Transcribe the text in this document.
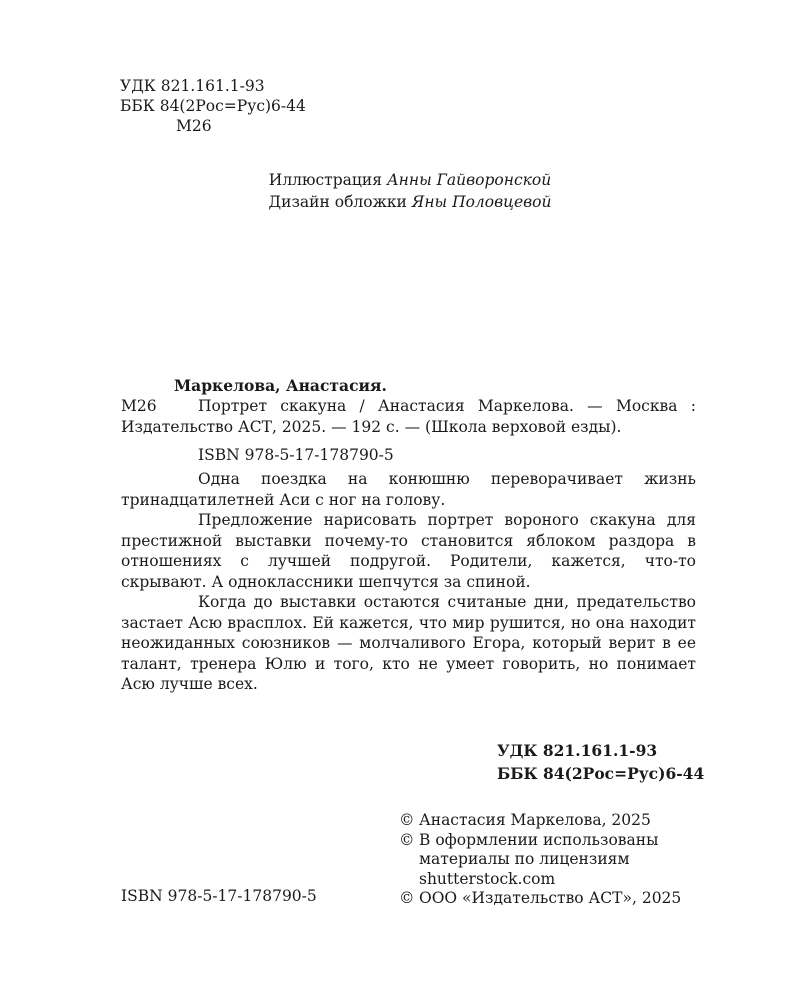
УДК 821.161.1-93
ББК 84(2Рос=Рус)6-44
М26
Иллюстрация Анны Гайворонской
Дизайн обложки Яны Половцевой
Маркелова, Анастасия.
М26	Портрет скакуна / Анастасия Маркелова. — Москва : Издательство АСТ, 2025. — 192 с. — (Школа верховой езды).
ISBN 978-5-17-178790-5

Одна поездка на конюшню переворачивает жизнь тринадцатилетней Аси с ног на голову.

Предложение нарисовать портрет вороного скакуна для престижной выставки почему-то становится яблоком раздора в отношениях с лучшей подругой. Родители, кажется, что-то скрывают. А одноклассники шепчутся за спиной.

Когда до выставки остаются считаные дни, предательство застает Асю врасплох. Ей кажется, что мир рушится, но она находит неожиданных союзников — молчаливого Егора, который верит в ее талант, тренера Юлю и того, кто не умеет говорить, но понимает Асю лучше всех.

УДК 821.161.1-93
ББК 84(2Рос=Рус)6-44
© Анастасия Маркелова, 2025
© В оформлении использованы материалы по лицензиям shutterstock.com
© ООО «Издательство АСТ», 2025
ISBN 978-5-17-178790-5
